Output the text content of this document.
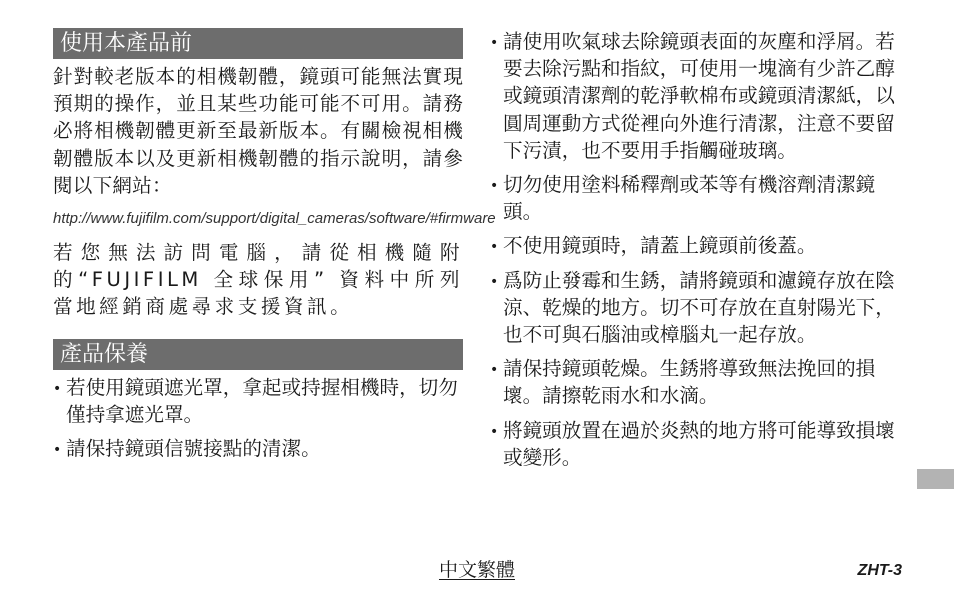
使用本產品前

針對較老版本的相機韌體，鏡頭可能無法實現預期的操作，並且某些功能可能不可用。請務必將相機韌體更新至最新版本。有關檢視相機韌體版本以及更新相機韌體的指示說明，請參閱以下網站：

http://www.fujifilm.com/support/digital_cameras/software/#firmware

若您無法訪問電腦，請從相機隨附的“FUJIFILM 全球保用” 資料中所列當地經銷商處尋求支援資訊。

產品保養
• 若使用鏡頭遮光罩，拿起或持握相機時，切勿僅持拿遮光罩。
• 請保持鏡頭信號接點的清潔。
• 請使用吹氣球去除鏡頭表面的灰塵和浮屑。若要去除污點和指紋，可使用一塊滴有少許乙醇或鏡頭清潔劑的乾淨軟棉布或鏡頭清潔紙，以圓周運動方式從裡向外進行清潔，注意不要留下污漬，也不要用手指觸碰玻璃。
• 切勿使用塗料稀釋劑或苯等有機溶劑清潔鏡頭。
• 不使用鏡頭時，請蓋上鏡頭前後蓋。
• 爲防止發霉和生銹，請將鏡頭和濾鏡存放在陰涼、乾燥的地方。切不可存放在直射陽光下，也不可與石腦油或樟腦丸一起存放。
• 請保持鏡頭乾燥。生銹將導致無法挽回的損壞。請擦乾雨水和水滴。
• 將鏡頭放置在過於炎熱的地方將可能導致損壞或變形。
中文繁體	ZHT-3
